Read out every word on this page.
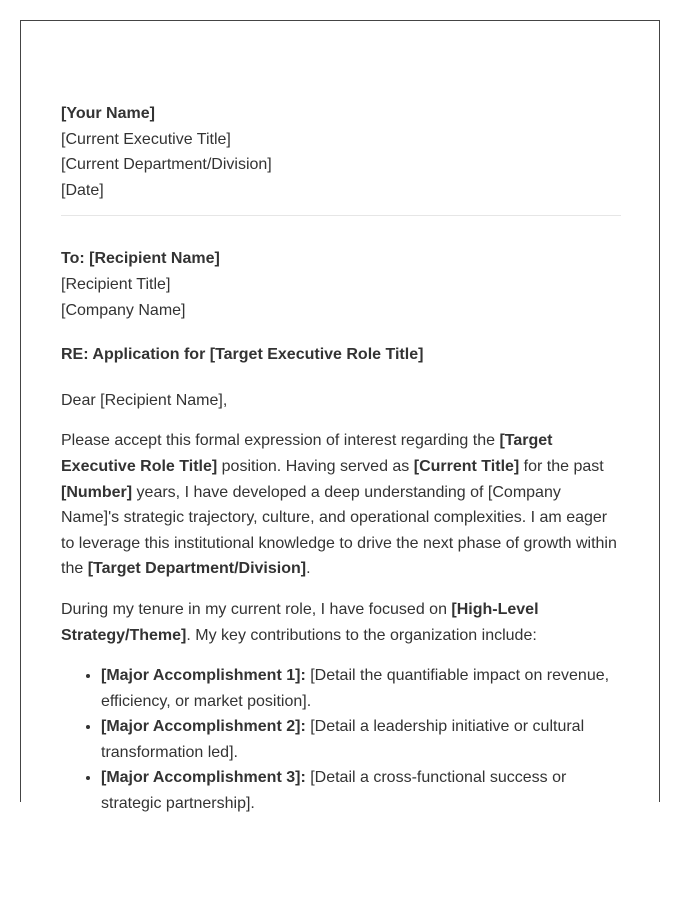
[Your Name]
[Current Executive Title]
[Current Department/Division]
[Date]
To: [Recipient Name]
[Recipient Title]
[Company Name]
RE: Application for [Target Executive Role Title]
Dear [Recipient Name],

Please accept this formal expression of interest regarding the [Target Executive Role Title] position. Having served as [Current Title] for the past [Number] years, I have developed a deep understanding of [Company Name]'s strategic trajectory, culture, and operational complexities. I am eager to leverage this institutional knowledge to drive the next phase of growth within the [Target Department/Division].

During my tenure in my current role, I have focused on [High-Level Strategy/Theme]. My key contributions to the organization include:

• [Major Accomplishment 1]: [Detail the quantifiable impact on revenue, efficiency, or market position].
• [Major Accomplishment 2]: [Detail a leadership initiative or cultural transformation led].
• [Major Accomplishment 3]: [Detail a cross-functional success or strategic partnership].
